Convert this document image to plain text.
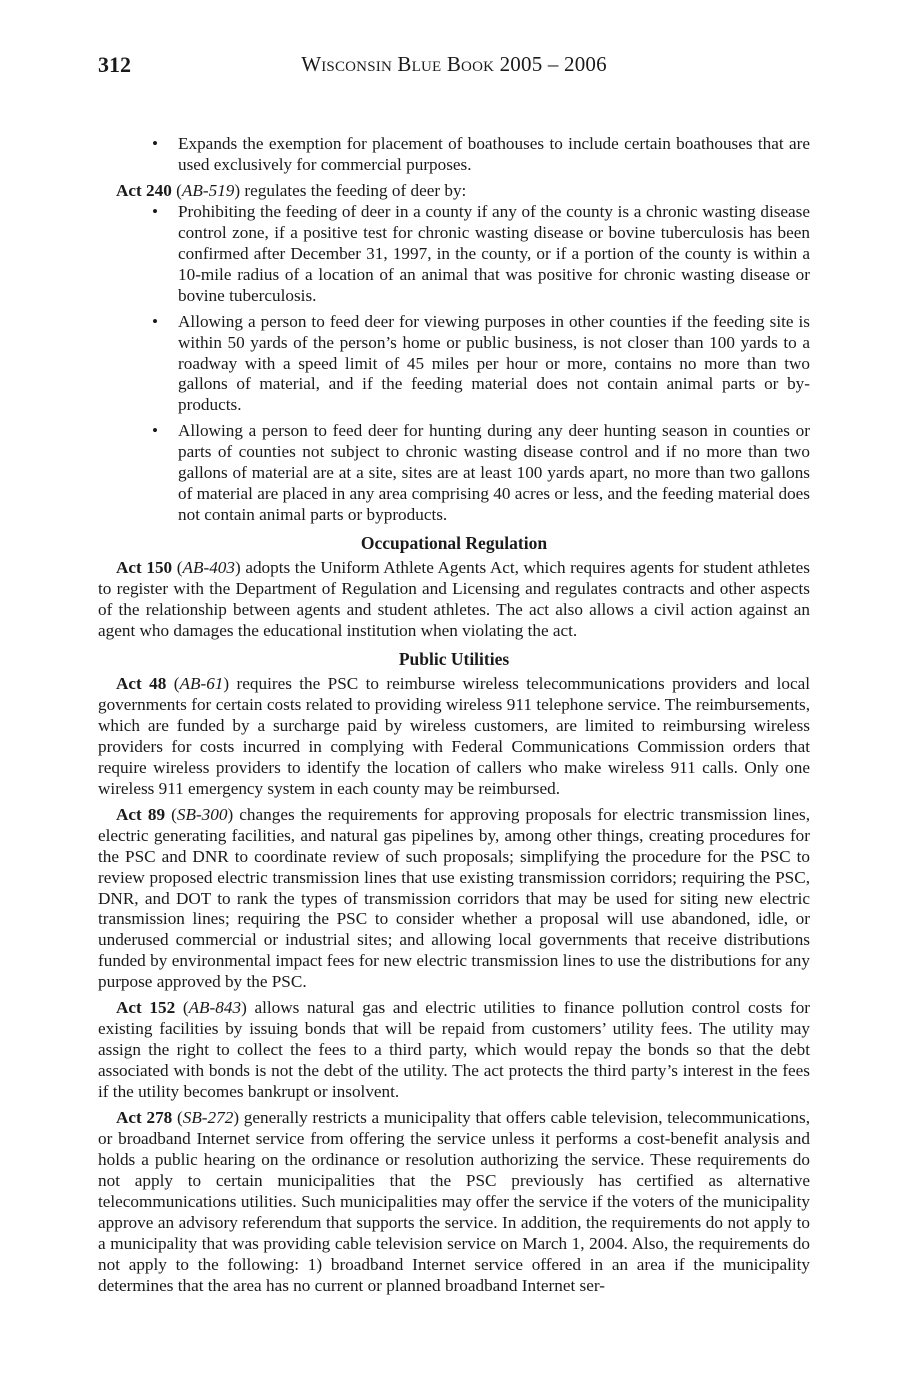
312	Wisconsin Blue Book 2005 – 2006
• Expands the exemption for placement of boathouses to include certain boathouses that are used exclusively for commercial purposes.

Act 240 (AB-519) regulates the feeding of deer by:

• Prohibiting the feeding of deer in a county if any of the county is a chronic wasting disease control zone, if a positive test for chronic wasting disease or bovine tuberculosis has been confirmed after December 31, 1997, in the county, or if a portion of the county is within a 10-mile radius of a location of an animal that was positive for chronic wasting disease or bovine tuberculosis.
• Allowing a person to feed deer for viewing purposes in other counties if the feeding site is within 50 yards of the person’s home or public business, is not closer than 100 yards to a roadway with a speed limit of 45 miles per hour or more, contains no more than two gallons of material, and if the feeding material does not contain animal parts or by-products.
• Allowing a person to feed deer for hunting during any deer hunting season in counties or parts of counties not subject to chronic wasting disease control and if no more than two gallons of material are at a site, sites are at least 100 yards apart, no more than two gallons of material are placed in any area comprising 40 acres or less, and the feeding material does not contain animal parts or byproducts.
Occupational Regulation

Act 150 (AB-403) adopts the Uniform Athlete Agents Act, which requires agents for student athletes to register with the Department of Regulation and Licensing and regulates contracts and other aspects of the relationship between agents and student athletes. The act also allows a civil action against an agent who damages the educational institution when violating the act.

Public Utilities

Act 48 (AB-61) requires the PSC to reimburse wireless telecommunications providers and local governments for certain costs related to providing wireless 911 telephone service. The reimbursements, which are funded by a surcharge paid by wireless customers, are limited to reimbursing wireless providers for costs incurred in complying with Federal Communications Commission orders that require wireless providers to identify the location of callers who make wireless 911 calls. Only one wireless 911 emergency system in each county may be reimbursed.

Act 89 (SB-300) changes the requirements for approving proposals for electric transmission lines, electric generating facilities, and natural gas pipelines by, among other things, creating procedures for the PSC and DNR to coordinate review of such proposals; simplifying the procedure for the PSC to review proposed electric transmission lines that use existing transmission corridors; requiring the PSC, DNR, and DOT to rank the types of transmission corridors that may be used for siting new electric transmission lines; requiring the PSC to consider whether a proposal will use abandoned, idle, or underused commercial or industrial sites; and allowing local governments that receive distributions funded by environmental impact fees for new electric transmission lines to use the distributions for any purpose approved by the PSC.

Act 152 (AB-843) allows natural gas and electric utilities to finance pollution control costs for existing facilities by issuing bonds that will be repaid from customers’ utility fees. The utility may assign the right to collect the fees to a third party, which would repay the bonds so that the debt associated with bonds is not the debt of the utility. The act protects the third party’s interest in the fees if the utility becomes bankrupt or insolvent.

Act 278 (SB-272) generally restricts a municipality that offers cable television, telecommunications, or broadband Internet service from offering the service unless it performs a cost-benefit analysis and holds a public hearing on the ordinance or resolution authorizing the service. These requirements do not apply to certain municipalities that the PSC previously has certified as alternative telecommunications utilities. Such municipalities may offer the service if the voters of the municipality approve an advisory referendum that supports the service. In addition, the requirements do not apply to a municipality that was providing cable television service on March 1, 2004. Also, the requirements do not apply to the following: 1) broadband Internet service offered in an area if the municipality determines that the area has no current or planned broadband Internet ser-
